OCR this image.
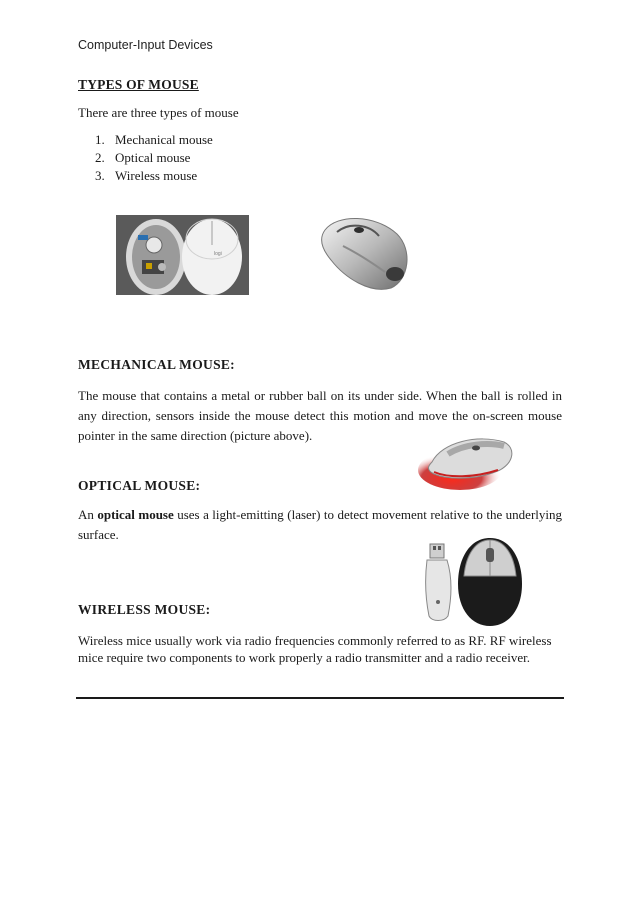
Computer-Input Devices
TYPES OF MOUSE
There are three types of mouse
1. Mechanical mouse
2. Optical mouse
3. Wireless mouse
logi
MECHANICAL MOUSE:
The mouse that contains a metal or rubber ball on its under side. When the ball is rolled in any direction, sensors inside the mouse detect this motion and move the on-screen mouse pointer in the same direction (picture above).
OPTICAL MOUSE:
An optical mouse uses a light-emitting (laser) to detect movement relative to the underlying surface.
WIRELESS MOUSE:
Wireless mice usually work via radio frequencies commonly referred to as RF. RF wireless
mice require two components to work properly a radio transmitter and a radio receiver.
